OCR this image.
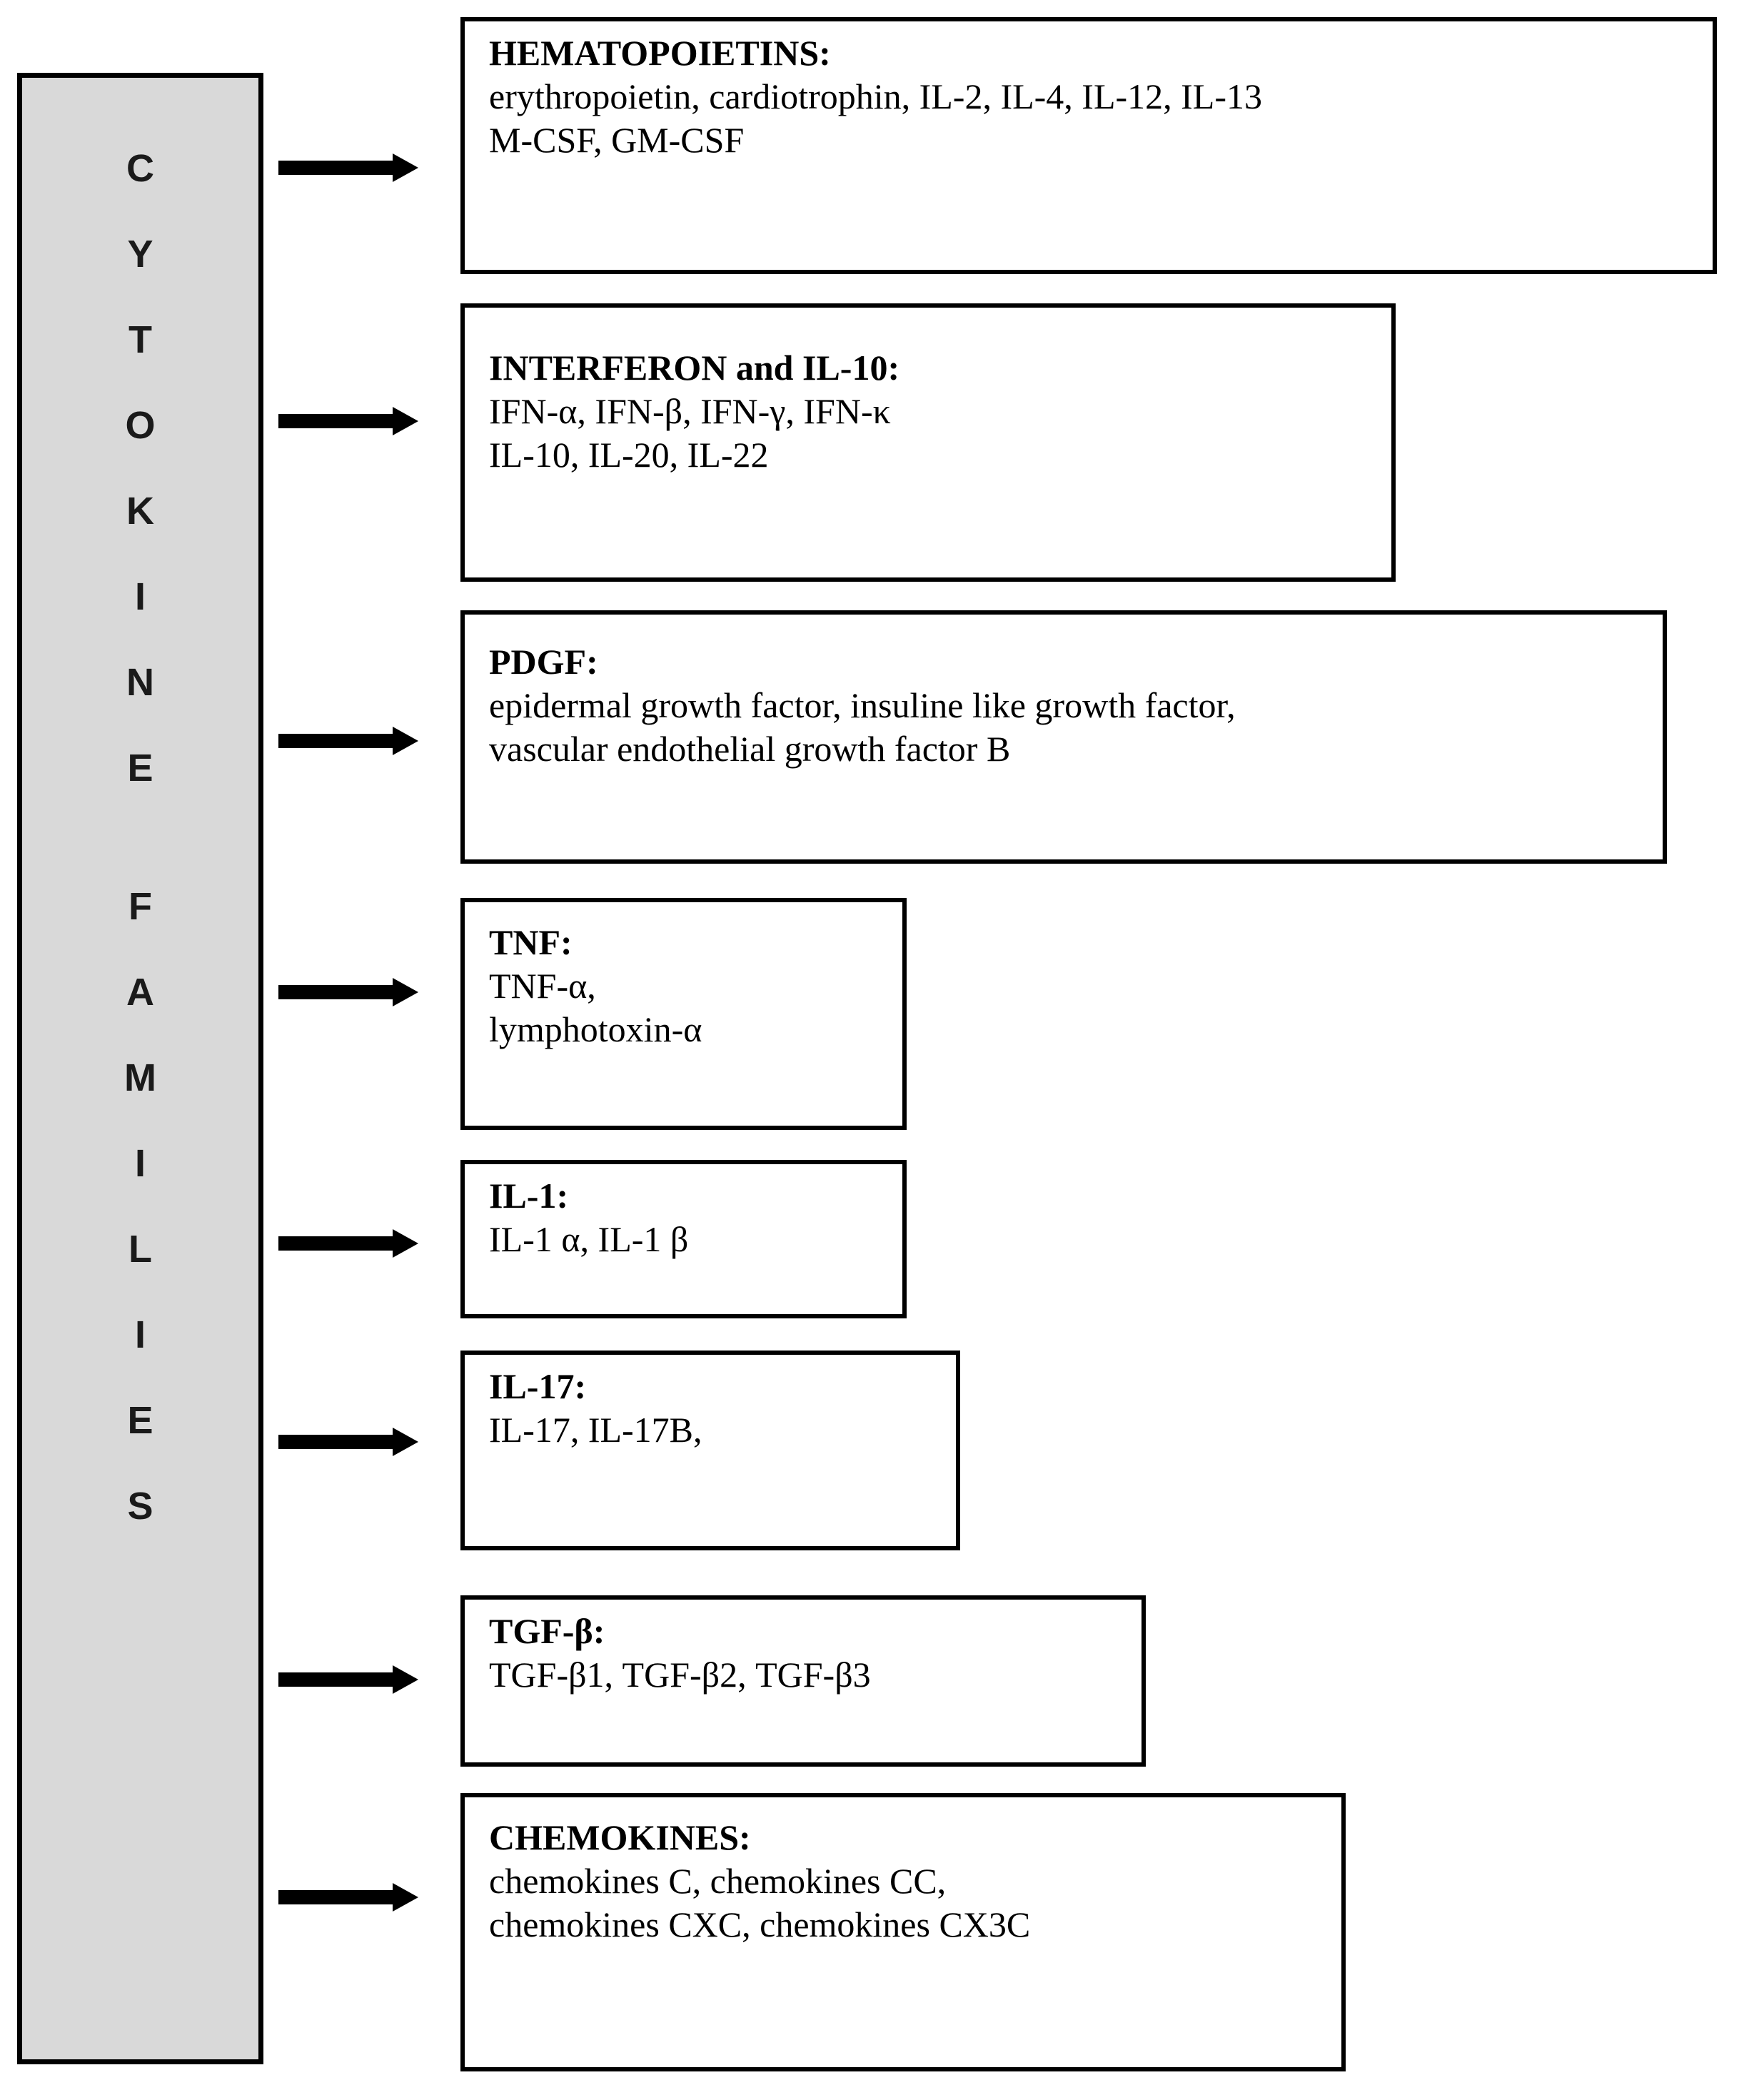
C
Y
T
O
K
I
N
E
F
A
M
I
L
I
E
S
HEMATOPOIETINS:
erythropoietin, cardiotrophin, IL-2, IL-4, IL-12, IL-13
M-CSF, GM-CSF
INTERFERON and IL-10:
IFN-α, IFN-β, IFN-γ, IFN-κ
IL-10, IL-20, IL-22
PDGF:
epidermal growth factor, insuline like growth factor,
vascular endothelial growth factor B
TNF:
TNF-α,
lymphotoxin-α
IL-1:
IL-1 α, IL-1 β
IL-17:
IL-17, IL-17B,
TGF-β:
TGF-β1, TGF-β2, TGF-β3
CHEMOKINES:
chemokines C, chemokines CC,
chemokines CXC, chemokines CX3C
